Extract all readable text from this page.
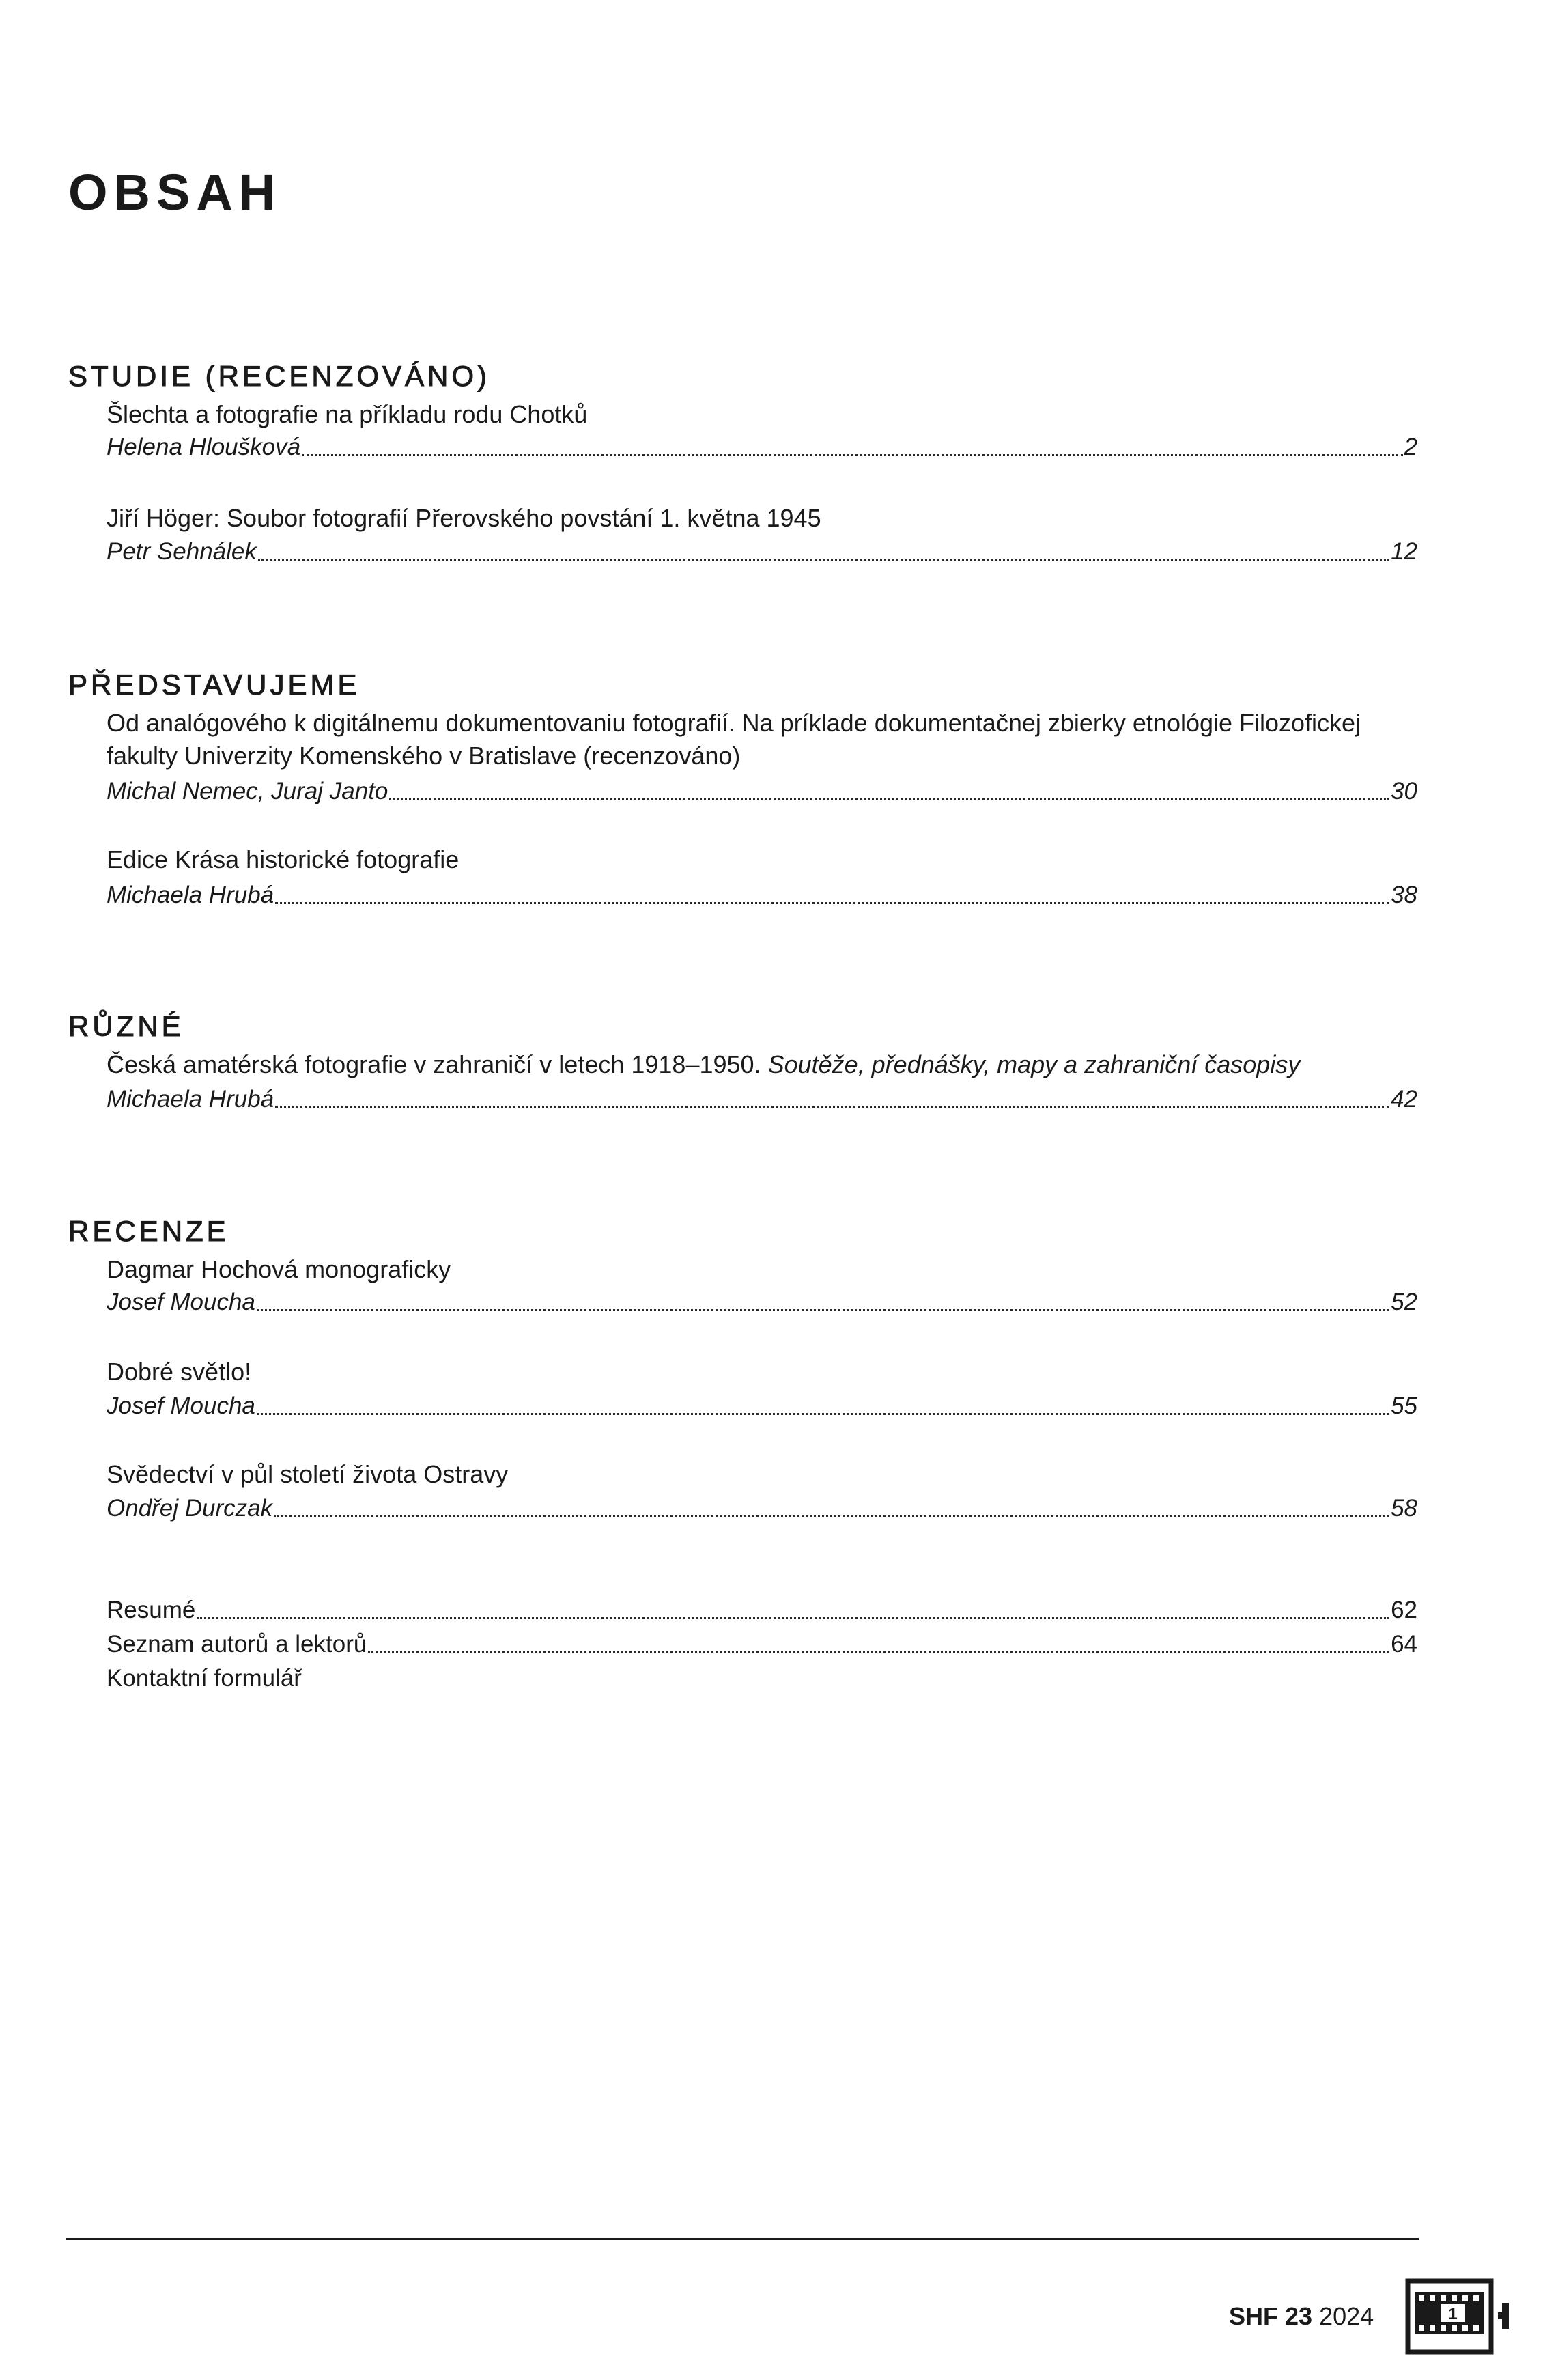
OBSAH
STUDIE (RECENZOVÁNO)
Šlechta a fotografie na příkladu rodu Chotků
Helena Hloušková	2
Jiří Höger: Soubor fotografií Přerovského povstání 1. května 1945
Petr Sehnálek	12
PŘEDSTAVUJEME
Od analógového k digitálnemu dokumentovaniu fotografií. Na príklade dokumentačnej zbierky etnológie Filozofickej fakulty Univerzity Komenského v Bratislave (recenzováno)
Michal Nemec, Juraj Janto	30
Edice Krása historické fotografie
Michaela Hrubá	38
RŮZNÉ
Česká amatérská fotografie v zahraničí v letech 1918–1950. Soutěže, přednášky, mapy a zahraniční časopisy
Michaela Hrubá	42
RECENZE
Dagmar Hochová monograficky
Josef Moucha	52
Dobré světlo!
Josef Moucha	55
Svědectví v půl století života Ostravy
Ondřej Durczak	58
Resumé	62
Seznam autorů a lektorů	64
Kontaktní formulář
SHF 23 2024	1
